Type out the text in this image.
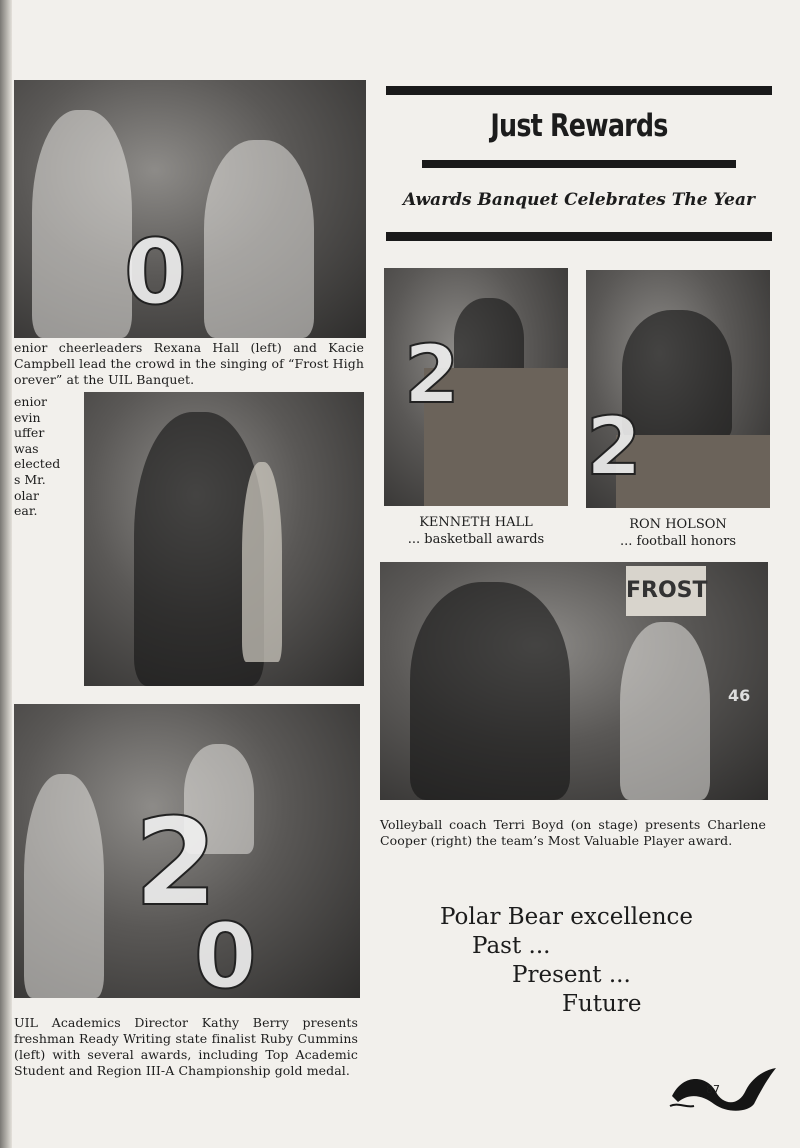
0
enior cheerleaders Rexana Hall (left) and Kacie Campbell lead the crowd in the singing of “Frost High orever” at the UIL Banquet.
enior
evin
uffer
was
elected
s Mr.
olar
ear.
2
0
UIL Academics Director Kathy Berry presents freshman Ready Writing state finalist Ruby Cummins (left) with several awards, including Top Academic Student and Region III-A Championship gold medal.
Just Rewards
Awards Banquet Celebrates The Year
2
KENNETH HALL
... basketball awards
2
RON HOLSON
... football honors
FROST
46
Volleyball coach Terri Boyd (on stage) presents Charlene Cooper (right) the team’s Most Valuable Player award.
Polar Bear excellence
Past ...
Present ...
Future
87
